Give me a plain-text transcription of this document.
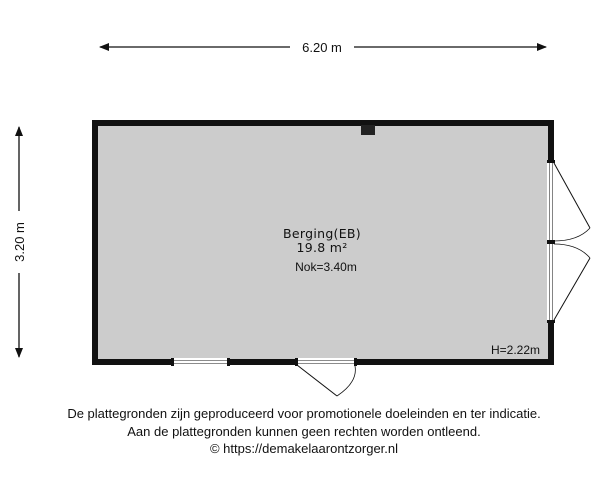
6.20 m
3.20 m	Berging(EB)
19.8 m²
Nok=3.40m
H=2.22m
De plattegronden zijn geproduceerd voor promotionele doeleinden en ter indicatie.
Aan de plattegronden kunnen geen rechten worden ontleend.
© https://demakelaarontzorger.nl
